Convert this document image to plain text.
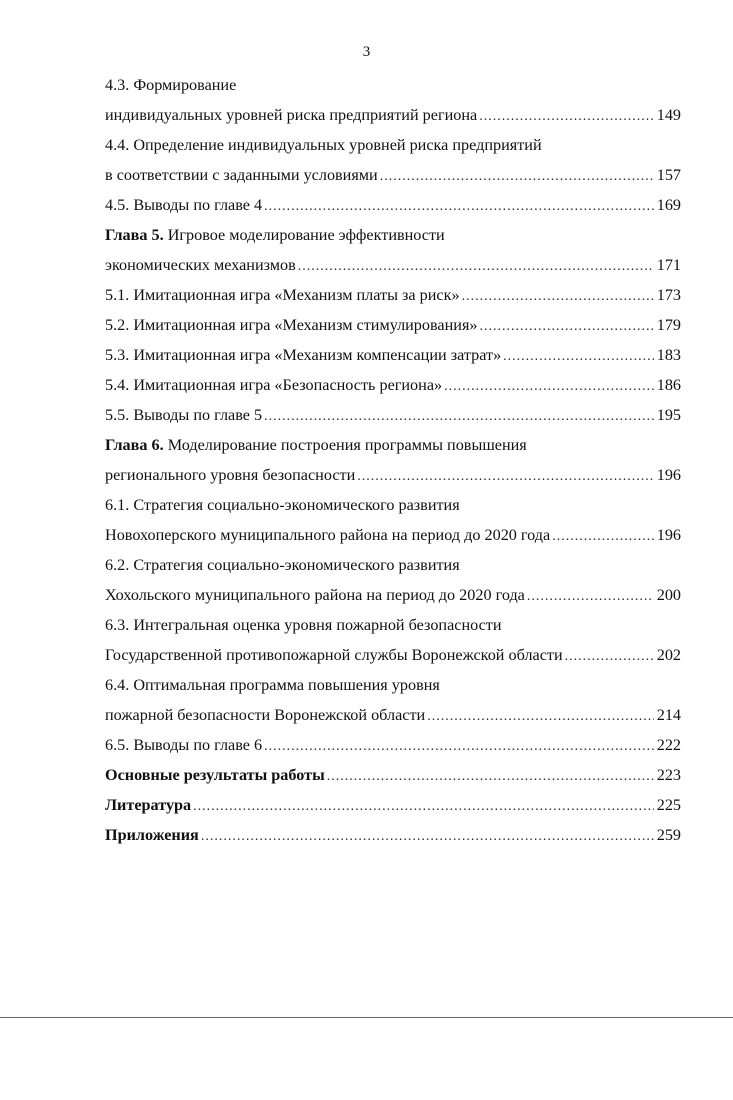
3
4.3. Формирование
индивидуальных уровней риска предприятий региона .....	149
4.4. Определение индивидуальных уровней риска предприятий
в соответствии с заданными условиями .....	157
4.5. Выводы по главе 4 .....	169
Глава 5. Игровое моделирование эффективности
экономических механизмов .....	171
5.1. Имитационная игра «Механизм платы за риск» .....	173
5.2. Имитационная игра «Механизм стимулирования» .....	179
5.3. Имитационная игра «Механизм компенсации затрат» .....	183
5.4. Имитационная игра «Безопасность региона» .....	186
5.5. Выводы по главе 5 .....	195
Глава 6. Моделирование построения программы повышения
регионального уровня безопасности .....	196
6.1. Стратегия социально-экономического развития
Новохоперского муниципального района на период до 2020 года .....	196
6.2. Стратегия социально-экономического развития
Хохольского муниципального района на период до 2020 года .....	200
6.3. Интегральная оценка уровня пожарной безопасности
Государственной противопожарной службы Воронежской области .....	202
6.4. Оптимальная программа повышения уровня
пожарной безопасности Воронежской области .....	214
6.5. Выводы по главе 6 .....	222
Основные результаты работы .....	223
Литература .....	225
Приложения .....	259
